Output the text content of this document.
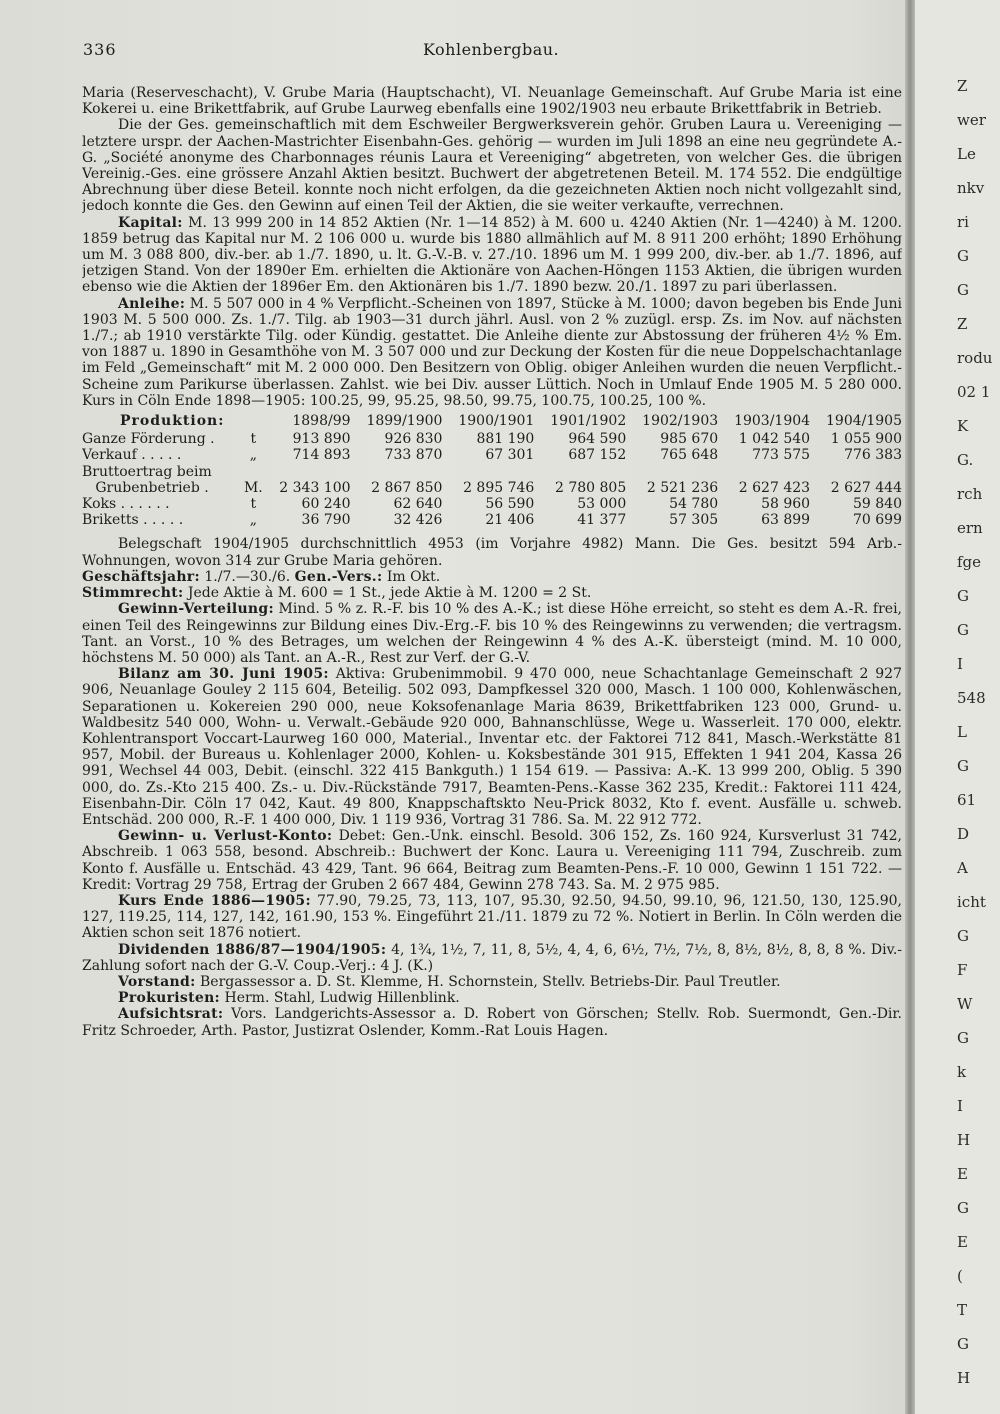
336	Kohlenbergbau.

Maria (Reserveschacht), V. Grube Maria (Hauptschacht), VI. Neuanlage Gemeinschaft. Auf Grube Maria ist eine Kokerei u. eine Brikettfabrik, auf Grube Laurweg ebenfalls eine 1902/1903 neu erbaute Brikettfabrik in Betrieb.

Die der Ges. gemeinschaftlich mit dem Eschweiler Bergwerksverein gehör. Gruben Laura u. Vereeniging — letztere urspr. der Aachen-Mastrichter Eisenbahn-Ges. gehörig — wurden im Juli 1898 an eine neu gegründete A.-G. „Société anonyme des Charbonnages réunis Laura et Vereeniging“ abgetreten, von welcher Ges. die übrigen Vereinig.-Ges. eine grössere Anzahl Aktien besitzt. Buchwert der abgetretenen Beteil. M. 174 552. Die endgültige Abrechnung über diese Beteil. konnte noch nicht erfolgen, da die gezeichneten Aktien noch nicht vollgezahlt sind, jedoch konnte die Ges. den Gewinn auf einen Teil der Aktien, die sie weiter verkaufte, verrechnen.

Kapital: M. 13 999 200 in 14 852 Aktien (Nr. 1—14 852) à M. 600 u. 4240 Aktien (Nr. 1—4240) à M. 1200. 1859 betrug das Kapital nur M. 2 106 000 u. wurde bis 1880 allmählich auf M. 8 911 200 erhöht; 1890 Erhöhung um M. 3 088 800, div.-ber. ab 1./7. 1890, u. lt. G.-V.-B. v. 27./10. 1896 um M. 1 999 200, div.-ber. ab 1./7. 1896, auf jetzigen Stand. Von der 1890er Em. erhielten die Aktionäre von Aachen-Höngen 1153 Aktien, die übrigen wurden ebenso wie die Aktien der 1896er Em. den Aktionären bis 1./7. 1890 bezw. 20./1. 1897 zu pari überlassen.

Anleihe: M. 5 507 000 in 4 % Verpflicht.-Scheinen von 1897, Stücke à M. 1000; davon begeben bis Ende Juni 1903 M. 5 500 000. Zs. 1./7. Tilg. ab 1903—31 durch jährl. Ausl. von 2 % zuzügl. ersp. Zs. im Nov. auf nächsten 1./7.; ab 1910 verstärkte Tilg. oder Kündig. gestattet. Die Anleihe diente zur Abstossung der früheren 4½ % Em. von 1887 u. 1890 in Gesamthöhe von M. 3 507 000 und zur Deckung der Kosten für die neue Doppelschachtanlage im Feld „Gemeinschaft“ mit M. 2 000 000. Den Besitzern von Oblig. obiger Anleihen wurden die neuen Verpflicht.-Scheine zum Parikurse überlassen. Zahlst. wie bei Div. ausser Lüttich. Noch in Umlauf Ende 1905 M. 5 280 000. Kurs in Cöln Ende 1898—1905: 100.25, 99, 95.25, 98.50, 99.75, 100.75, 100.25, 100 %.

Produktion:		1898/99	1899/1900	1900/1901	1901/1902	1902/1903	1903/1904	1904/1905
Ganze Förderung .	t	913 890	926 830	881 190	964 590	985 670	1 042 540	1 055 900
Verkauf . . . . .	„	714 893	733 870	67 301	687 152	765 648	773 575	776 383
Bruttoertrag beim								
Grubenbetrieb .	M.	2 343 100	2 867 850	2 895 746	2 780 805	2 521 236	2 627 423	2 627 444
Koks . . . . . .	t	60 240	62 640	56 590	53 000	54 780	58 960	59 840
Briketts . . . . .	„	36 790	32 426	21 406	41 377	57 305	63 899	70 699

Belegschaft 1904/1905 durchschnittlich 4953 (im Vorjahre 4982) Mann. Die Ges. besitzt 594 Arb.-Wohnungen, wovon 314 zur Grube Maria gehören.

Geschäftsjahr: 1./7.—30./6. Gen.-Vers.: Im Okt.

Stimmrecht: Jede Aktie à M. 600 = 1 St., jede Aktie à M. 1200 = 2 St.

Gewinn-Verteilung: Mind. 5 % z. R.-F. bis 10 % des A.-K.; ist diese Höhe erreicht, so steht es dem A.-R. frei, einen Teil des Reingewinns zur Bildung eines Div.-Erg.-F. bis 10 % des Reingewinns zu verwenden; die vertragsm. Tant. an Vorst., 10 % des Betrages, um welchen der Reingewinn 4 % des A.-K. übersteigt (mind. M. 10 000, höchstens M. 50 000) als Tant. an A.-R., Rest zur Verf. der G.-V.

Bilanz am 30. Juni 1905: Aktiva: Grubenimmobil. 9 470 000, neue Schachtanlage Gemeinschaft 2 927 906, Neuanlage Gouley 2 115 604, Beteilig. 502 093, Dampfkessel 320 000, Masch. 1 100 000, Kohlenwäschen, Separationen u. Kokereien 290 000, neue Koksofenanlage Maria 8639, Brikettfabriken 123 000, Grund- u. Waldbesitz 540 000, Wohn- u. Verwalt.-Gebäude 920 000, Bahnanschlüsse, Wege u. Wasserleit. 170 000, elektr. Kohlentransport Voccart-Laurweg 160 000, Material., Inventar etc. der Faktorei 712 841, Masch.-Werkstätte 81 957, Mobil. der Bureaus u. Kohlenlager 2000, Kohlen- u. Koksbestände 301 915, Effekten 1 941 204, Kassa 26 991, Wechsel 44 003, Debit. (einschl. 322 415 Bankguth.) 1 154 619. — Passiva: A.-K. 13 999 200, Oblig. 5 390 000, do. Zs.-Kto 215 400. Zs.- u. Div.-Rückstände 7917, Beamten-Pens.-Kasse 362 235, Kredit.: Faktorei 111 424, Eisenbahn-Dir. Cöln 17 042, Kaut. 49 800, Knappschaftskto Neu-Prick 8032, Kto f. event. Ausfälle u. schweb. Entschäd. 200 000, R.-F. 1 400 000, Div. 1 119 936, Vortrag 31 786. Sa. M. 22 912 772.

Gewinn- u. Verlust-Konto: Debet: Gen.-Unk. einschl. Besold. 306 152, Zs. 160 924, Kursverlust 31 742, Abschreib. 1 063 558, besond. Abschreib.: Buchwert der Konc. Laura u. Vereeniging 111 794, Zuschreib. zum Konto f. Ausfälle u. Entschäd. 43 429, Tant. 96 664, Beitrag zum Beamten-Pens.-F. 10 000, Gewinn 1 151 722. — Kredit: Vortrag 29 758, Ertrag der Gruben 2 667 484, Gewinn 278 743. Sa. M. 2 975 985.

Kurs Ende 1886—1905: 77.90, 79.25, 73, 113, 107, 95.30, 92.50, 94.50, 99.10, 96, 121.50, 130, 125.90, 127, 119.25, 114, 127, 142, 161.90, 153 %. Eingeführt 21./11. 1879 zu 72 %. Notiert in Berlin. In Cöln werden die Aktien schon seit 1876 notiert.

Dividenden 1886/87—1904/1905: 4, 1¾, 1½, 7, 11, 8, 5½, 4, 4, 6, 6½, 7½, 7½, 8, 8½, 8½, 8, 8, 8 %. Div.-Zahlung sofort nach der G.-V. Coup.-Verj.: 4 J. (K.)

Vorstand: Bergassessor a. D. St. Klemme, H. Schornstein, Stellv. Betriebs-Dir. Paul Treutler.

Prokuristen: Herm. Stahl, Ludwig Hillenblink.

Aufsichtsrat: Vors. Landgerichts-Assessor a. D. Robert von Görschen; Stellv. Rob. Suermondt, Gen.-Dir. Fritz Schroeder, Arth. Pastor, Justizrat Oslender, Komm.-Rat Louis Hagen.

Z
wer
Le
nkv
ri
G
G
Z
rodu
02 1
K
G.
rch
ern
fge
G
G
I
548
L
G
61
D
A
icht
G
F
W
G
k
I
H
E
G
E
(
T
G
H
